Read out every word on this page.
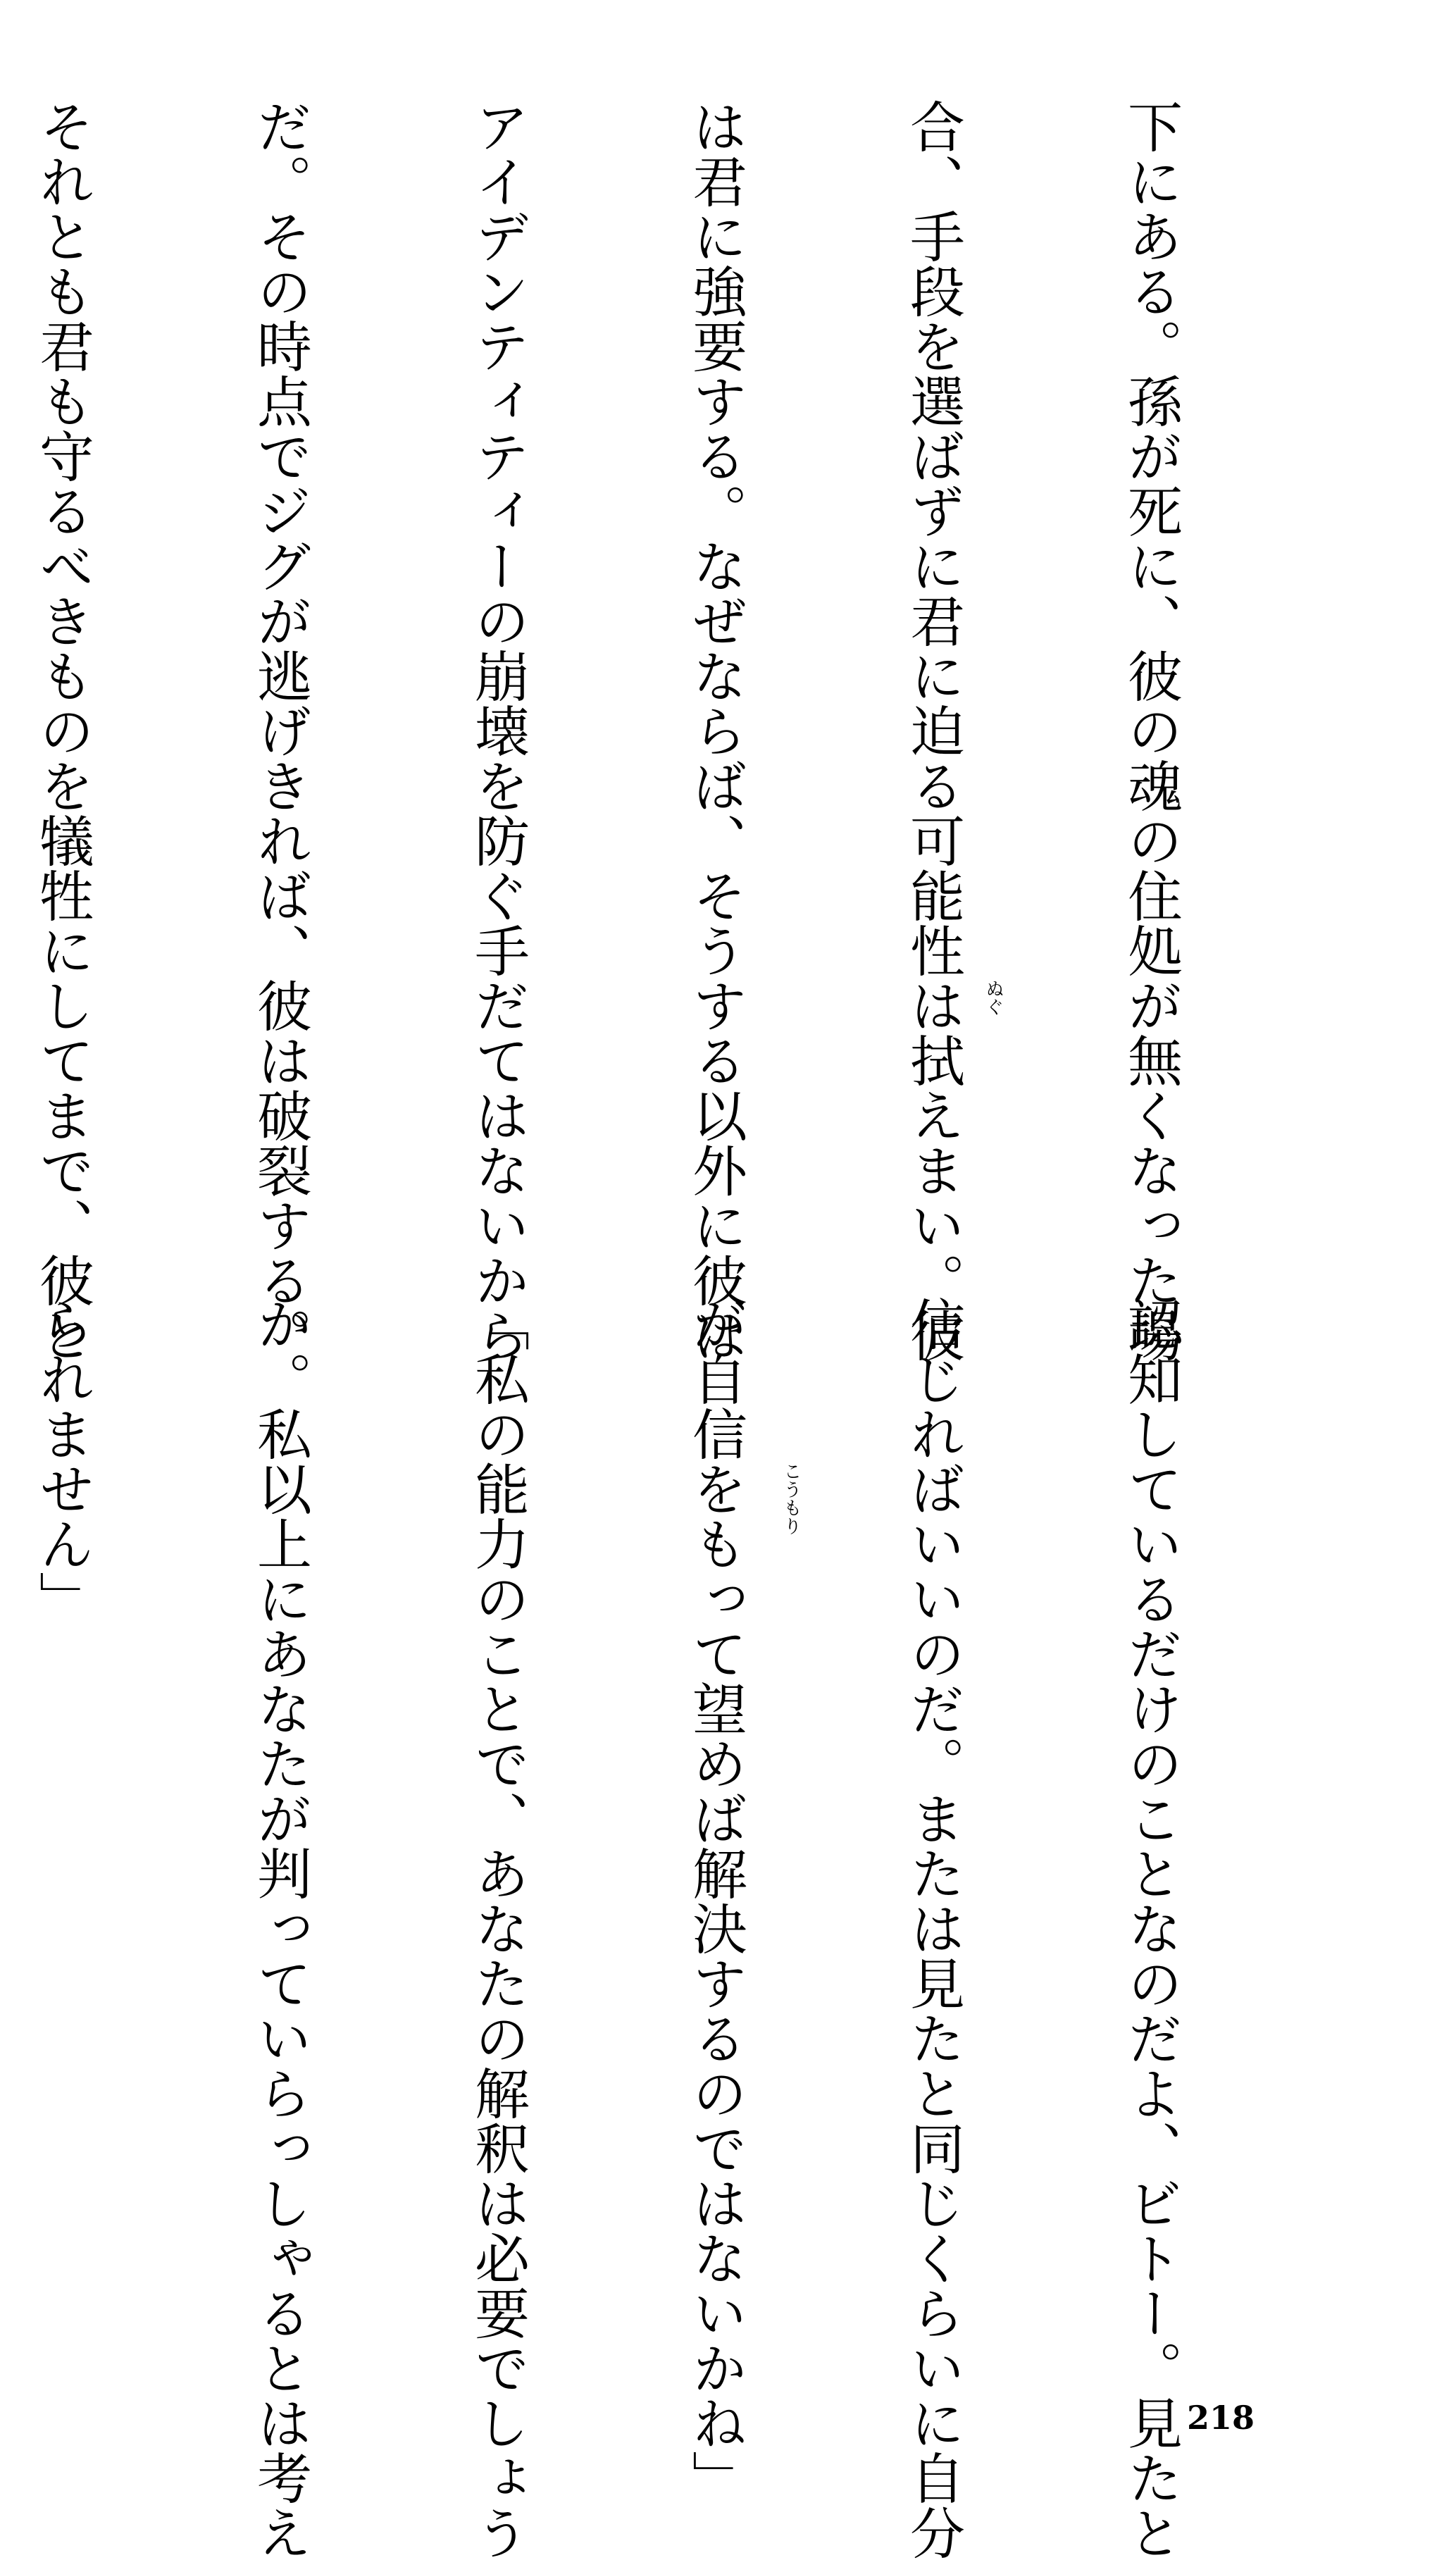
下にある。孫が死に、彼の魂の住処が無くなった場

合、手段を選ばずに君に迫る可能性は拭えまい。彼

は君に強要する。なぜならば、そうする以外に彼は

アイデンティティーの崩壊を防ぐ手だてはないから

だ。その時点でジグが逃げきれば、彼は破裂する。

それとも君も守るべきものを犠牲にしてまで、彼と

認知しているだけのことなのだよ、ビトー。見たと

信じればいいのだ。または見たと同じくらいに自分

が自信をもって望めば解決するのではないかね」

「私の能力のことで、あなたの解釈は必要でしょう

か。私以上にあなたが判っていらっしゃるとは考え

られません」

ぬぐ
こうもり
218
